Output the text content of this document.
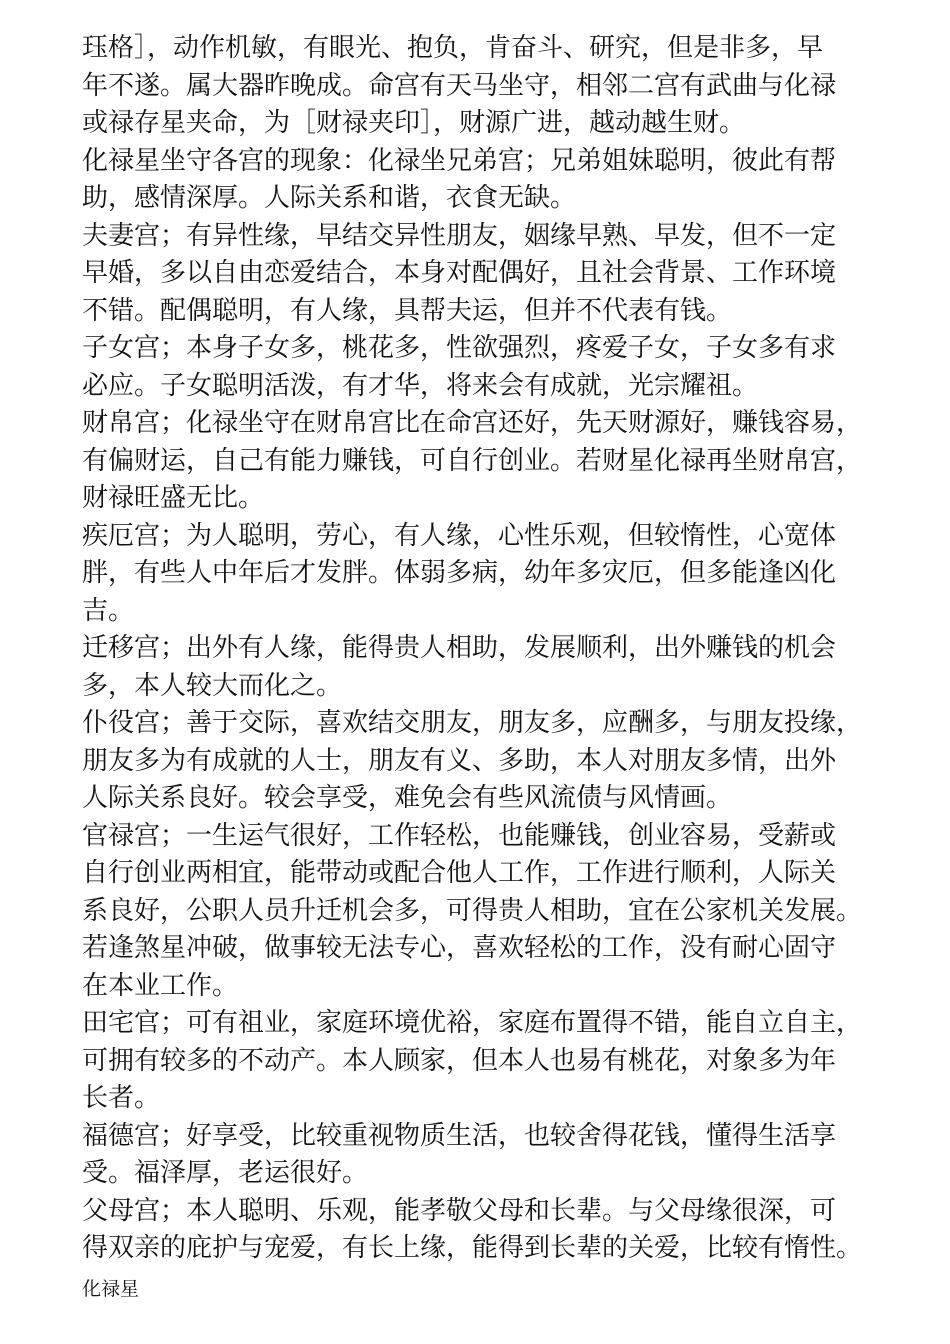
珏格］，动作机敏，有眼光、抱负，肯奋斗、研究，但是非多，早
年不遂。属大器昨晚成。命宫有天马坐守，相邻二宫有武曲与化禄
或禄存星夹命，为［财禄夹印］，财源广进，越动越生财。
化禄星坐守各宫的现象：化禄坐兄弟宫；兄弟姐妹聪明，彼此有帮
助，感情深厚。人际关系和谐，衣食无缺。
夫妻宫；有异性缘，早结交异性朋友，姻缘早熟、早发，但不一定
早婚，多以自由恋爱结合，本身对配偶好，且社会背景、工作环境
不错。配偶聪明，有人缘，具帮夫运，但并不代表有钱。
子女宫；本身子女多，桃花多，性欲强烈，疼爱子女，子女多有求
必应。子女聪明活泼，有才华，将来会有成就，光宗耀祖。
财帛宫；化禄坐守在财帛宫比在命宫还好，先天财源好，赚钱容易，
有偏财运，自己有能力赚钱，可自行创业。若财星化禄再坐财帛宫，
财禄旺盛无比。
疾厄宫；为人聪明，劳心，有人缘，心性乐观，但较惰性，心宽体
胖，有些人中年后才发胖。体弱多病，幼年多灾厄，但多能逢凶化
吉。
迁移宫；出外有人缘，能得贵人相助，发展顺利，出外赚钱的机会
多，本人较大而化之。
仆役宫；善于交际，喜欢结交朋友，朋友多，应酬多，与朋友投缘，
朋友多为有成就的人士，朋友有义、多助，本人对朋友多情，出外
人际关系良好。较会享受，难免会有些风流债与风情画。
官禄宫；一生运气很好，工作轻松，也能赚钱，创业容易，受薪或
自行创业两相宜，能带动或配合他人工作，工作进行顺利，人际关
系良好，公职人员升迁机会多，可得贵人相助，宜在公家机关发展。
若逢煞星冲破，做事较无法专心，喜欢轻松的工作，没有耐心固守
在本业工作。
田宅官；可有祖业，家庭环境优裕，家庭布置得不错，能自立自主，
可拥有较多的不动产。本人顾家，但本人也易有桃花，对象多为年
长者。
福德宫；好享受，比较重视物质生活，也较舍得花钱，懂得生活享
受。福泽厚，老运很好。
父母宫；本人聪明、乐观，能孝敬父母和长辈。与父母缘很深，可
得双亲的庇护与宠爱，有长上缘，能得到长辈的关爱，比较有惰性。
化禄星
